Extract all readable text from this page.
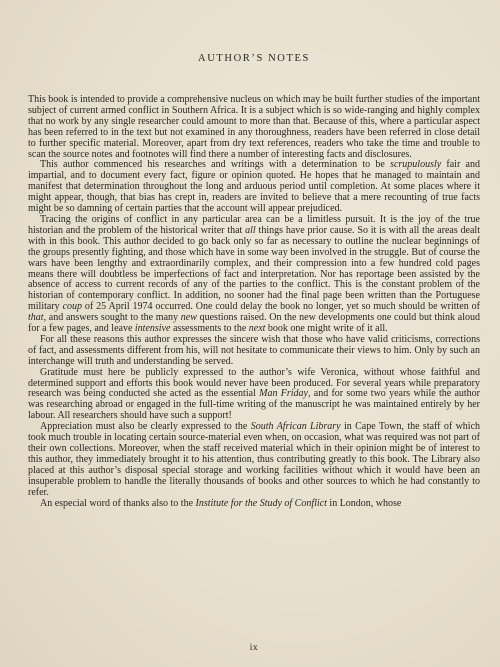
AUTHOR’S NOTES

This book is intended to provide a comprehensive nucleus on which may be built further studies of the important subject of current armed conflict in Southern Africa. It is a subject which is so wide-ranging and highly complex that no work by any single researcher could amount to more than that. Because of this, where a particular aspect has been referred to in the text but not examined in any thoroughness, readers have been referred in close detail to further specific material. Moreover, apart from dry text references, readers who take the time and trouble to scan the source notes and footnotes will find there a number of interesting facts and disclosures.

This author commenced his researches and writings with a determination to be scrupulously fair and impartial, and to document every fact, figure or opinion quoted. He hopes that he managed to maintain and manifest that determination throughout the long and arduous period until completion. At some places where it might appear, though, that bias has crept in, readers are invited to believe that a mere recounting of true facts might be so damning of certain parties that the account will appear prejudiced.

Tracing the origins of conflict in any particular area can be a limitless pursuit. It is the joy of the true historian and the problem of the historical writer that all things have prior cause. So it is with all the areas dealt with in this book. This author decided to go back only so far as necessary to outline the nuclear beginnings of the groups presently fighting, and those which have in some way been involved in the struggle. But of course the wars have been lengthy and extraordinarily complex, and their compression into a few hundred cold pages means there will doubtless be imperfections of fact and interpretation. Nor has reportage been assisted by the absence of access to current records of any of the parties to the conflict. This is the constant problem of the historian of contemporary conflict. In addition, no sooner had the final page been written than the Portuguese military coup of 25 April 1974 occurred. One could delay the book no longer, yet so much should be written of that, and answers sought to the many new questions raised. On the new developments one could but think aloud for a few pages, and leave intensive assessments to the next book one might write of it all.

For all these reasons this author expresses the sincere wish that those who have valid criticisms, corrections of fact, and assessments different from his, will not hesitate to communicate their views to him. Only by such an interchange will truth and understanding be served.

Gratitude must here be publicly expressed to the author’s wife Veronica, without whose faithful and determined support and efforts this book would never have been produced. For several years while preparatory research was being conducted she acted as the essential Man Friday, and for some two years while the author was researching abroad or engaged in the full-time writing of the manuscript he was maintained entirely by her labour. All researchers should have such a support!

Appreciation must also be clearly expressed to the South African Library in Cape Town, the staff of which took much trouble in locating certain source-material even when, on occasion, what was required was not part of their own collections. Moreover, when the staff received material which in their opinion might be of interest to this author, they immediately brought it to his attention, thus contributing greatly to this book. The Library also placed at this author’s disposal special storage and working facilities without which it would have been an insuperable problem to handle the literally thousands of books and other sources to which he had constantly to refer.

An especial word of thanks also to the Institute for the Study of Conflict in London, whose

ix
